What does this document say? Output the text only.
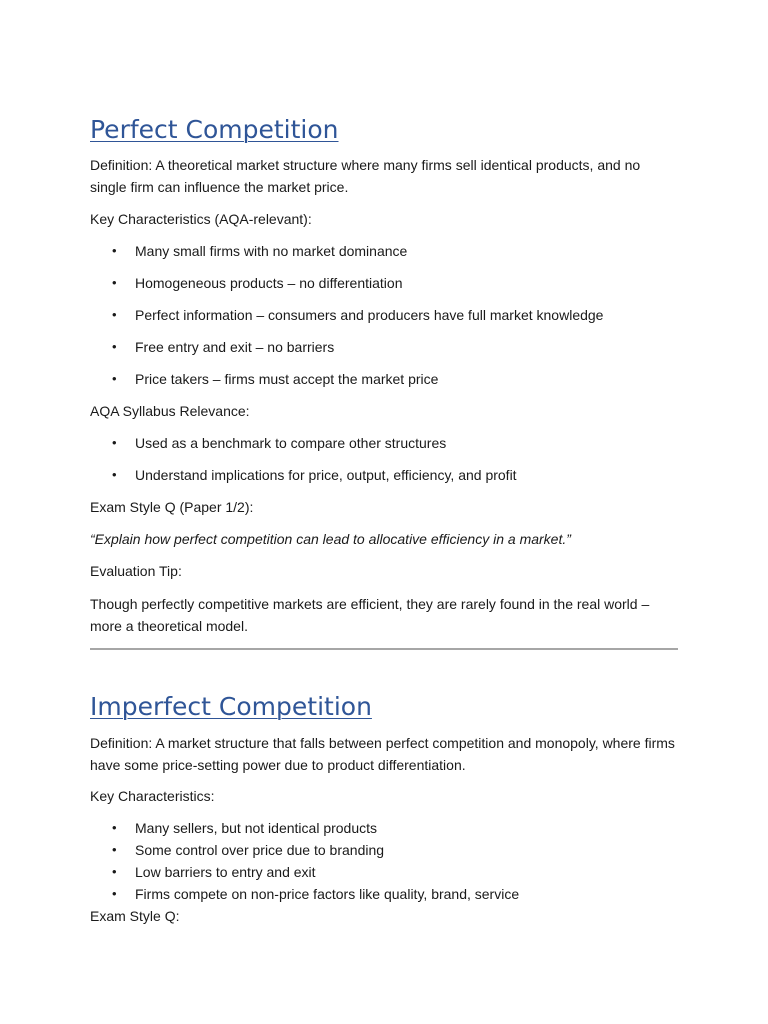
Perfect Competition

Definition: A theoretical market structure where many firms sell identical products, and no single firm can influence the market price.

Key Characteristics (AQA-relevant):

• Many small firms with no market dominance
• Homogeneous products – no differentiation
• Perfect information – consumers and producers have full market knowledge
• Free entry and exit – no barriers
• Price takers – firms must accept the market price

AQA Syllabus Relevance:

• Used as a benchmark to compare other structures
• Understand implications for price, output, efficiency, and profit

Exam Style Q (Paper 1/2):

“Explain how perfect competition can lead to allocative efficiency in a market.”

Evaluation Tip:

Though perfectly competitive markets are efficient, they are rarely found in the real world – more a theoretical model.

Imperfect Competition

Definition: A market structure that falls between perfect competition and monopoly, where firms have some price-setting power due to product differentiation.

Key Characteristics:

• Many sellers, but not identical products
• Some control over price due to branding
• Low barriers to entry and exit
• Firms compete on non-price factors like quality, brand, service

Exam Style Q:
